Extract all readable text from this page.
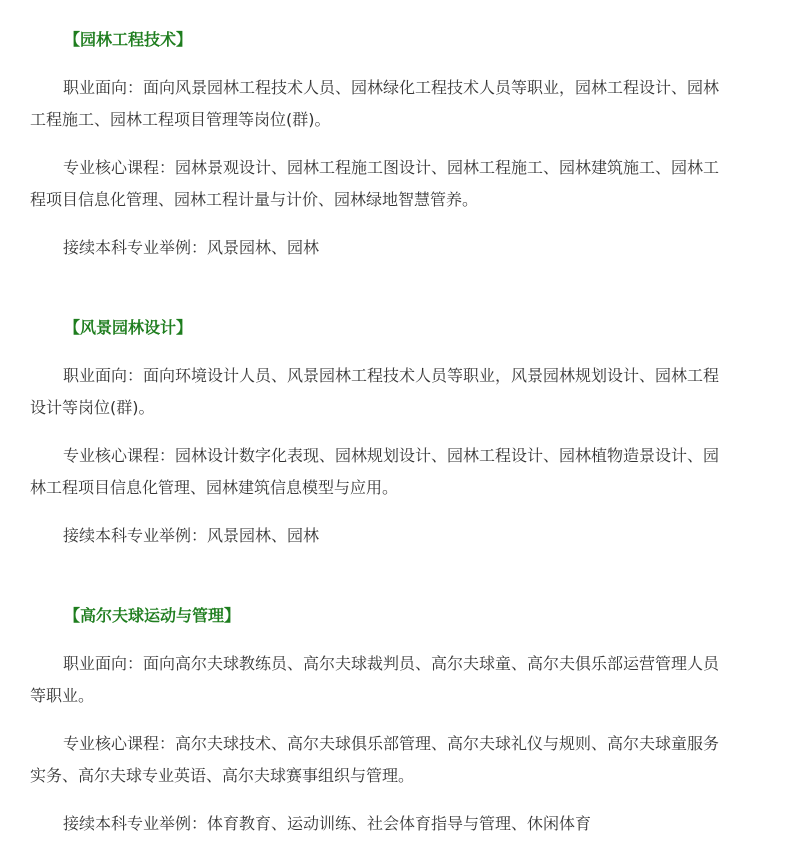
【园林工程技术】
职业面向：面向风景园林工程技术人员、园林绿化工程技术人员等职业，园林工程设计、园林工程施工、园林工程项目管理等岗位(群)。
专业核心课程：园林景观设计、园林工程施工图设计、园林工程施工、园林建筑施工、园林工程项目信息化管理、园林工程计量与计价、园林绿地智慧管养。
接续本科专业举例：风景园林、园林
【风景园林设计】
职业面向：面向环境设计人员、风景园林工程技术人员等职业，风景园林规划设计、园林工程设计等岗位(群)。
专业核心课程：园林设计数字化表现、园林规划设计、园林工程设计、园林植物造景设计、园林工程项目信息化管理、园林建筑信息模型与应用。
接续本科专业举例：风景园林、园林
【高尔夫球运动与管理】
职业面向：面向高尔夫球教练员、高尔夫球裁判员、高尔夫球童、高尔夫俱乐部运营管理人员等职业。
专业核心课程：高尔夫球技术、高尔夫球俱乐部管理、高尔夫球礼仪与规则、高尔夫球童服务实务、高尔夫球专业英语、高尔夫球赛事组织与管理。
接续本科专业举例：体育教育、运动训练、社会体育指导与管理、休闲体育
